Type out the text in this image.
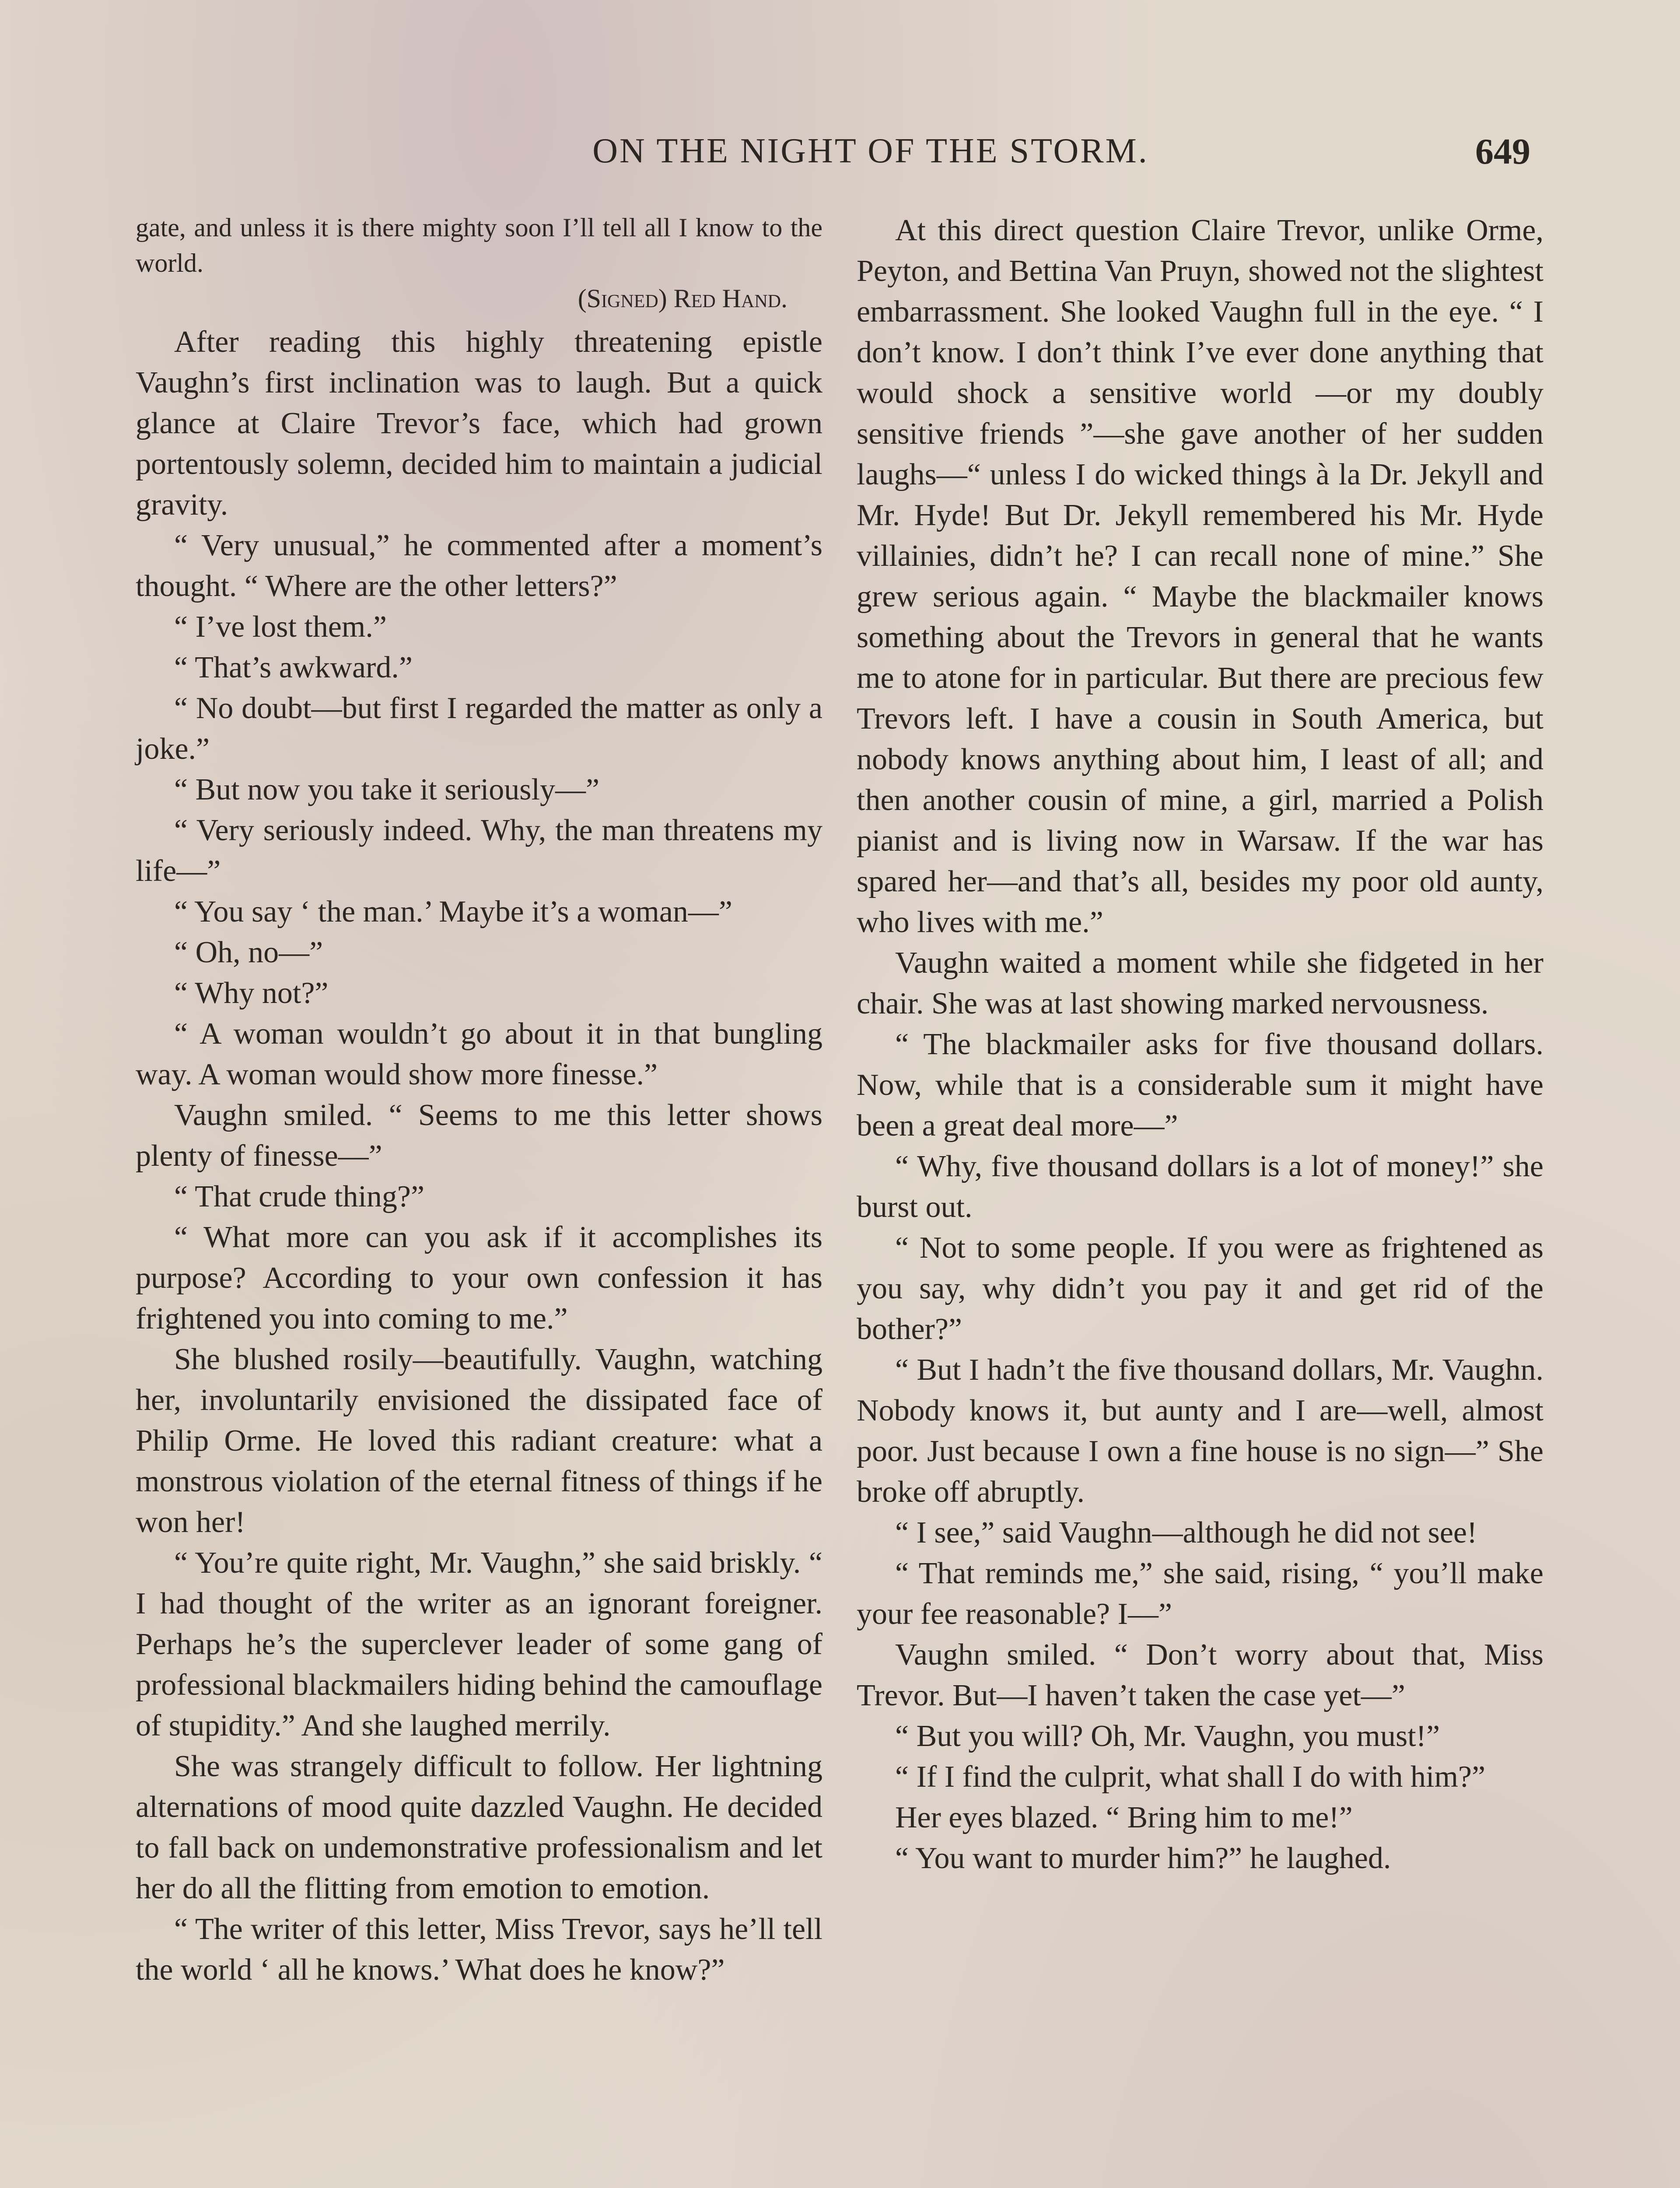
ON THE NIGHT OF THE STORM.	649

gate, and unless it is there mighty soon I’ll tell all I know to the world.

(Signed) Red Hand.

After reading this highly threatening epistle Vaughn’s first inclination was to laugh. But a quick glance at Claire Trevor’s face, which had grown portentously solemn, decided him to maintain a judicial gravity.

“ Very unusual,” he commented after a moment’s thought. “ Where are the other letters?”

“ I’ve lost them.”

“ That’s awkward.”

“ No doubt—but first I regarded the matter as only a joke.”

“ But now you take it seriously—”

“ Very seriously indeed. Why, the man threatens my life—”

“ You say ‘ the man.’ Maybe it’s a woman—”

“ Oh, no—”

“ Why not?”

“ A woman wouldn’t go about it in that bungling way. A woman would show more finesse.”

Vaughn smiled. “ Seems to me this letter shows plenty of finesse—”

“ That crude thing?”

“ What more can you ask if it accomplishes its purpose? According to your own confession it has frightened you into coming to me.”

She blushed rosily—beautifully. Vaughn, watching her, involuntarily envisioned the dissipated face of Philip Orme. He loved this radiant creature: what a monstrous violation of the eternal fitness of things if he won her!

“ You’re quite right, Mr. Vaughn,” she said briskly. “ I had thought of the writer as an ignorant foreigner. Perhaps he’s the superclever leader of some gang of professional blackmailers hiding behind the camouflage of stupidity.” And she laughed merrily.

She was strangely difficult to follow. Her lightning alternations of mood quite dazzled Vaughn. He decided to fall back on undemonstrative professionalism and let her do all the flitting from emotion to emotion.

“ The writer of this letter, Miss Trevor, says he’ll tell the world ‘ all he knows.’ What does he know?”

At this direct question Claire Trevor, unlike Orme, Peyton, and Bettina Van Pruyn, showed not the slightest embarrassment. She looked Vaughn full in the eye. “ I don’t know. I don’t think I’ve ever done anything that would shock a sensitive world —or my doubly sensitive friends ”—she gave another of her sudden laughs—“ unless I do wicked things à la Dr. Jekyll and Mr. Hyde! But Dr. Jekyll remembered his Mr. Hyde villainies, didn’t he? I can recall none of mine.” She grew serious again. “ Maybe the blackmailer knows something about the Trevors in general that he wants me to atone for in particular. But there are precious few Trevors left. I have a cousin in South America, but nobody knows anything about him, I least of all; and then another cousin of mine, a girl, married a Polish pianist and is living now in Warsaw. If the war has spared her—and that’s all, besides my poor old aunty, who lives with me.”

Vaughn waited a moment while she fidgeted in her chair. She was at last showing marked nervousness.

“ The blackmailer asks for five thousand dollars. Now, while that is a considerable sum it might have been a great deal more—”

“ Why, five thousand dollars is a lot of money!” she burst out.

“ Not to some people. If you were as frightened as you say, why didn’t you pay it and get rid of the bother?”

“ But I hadn’t the five thousand dollars, Mr. Vaughn. Nobody knows it, but aunty and I are—well, almost poor. Just because I own a fine house is no sign—” She broke off abruptly.

“ I see,” said Vaughn—although he did not see!

“ That reminds me,” she said, rising, “ you’ll make your fee reasonable? I—”

Vaughn smiled. “ Don’t worry about that, Miss Trevor. But—I haven’t taken the case yet—”

“ But you will? Oh, Mr. Vaughn, you must!”

“ If I find the culprit, what shall I do with him?”

Her eyes blazed. “ Bring him to me!”

“ You want to murder him?” he laughed.
